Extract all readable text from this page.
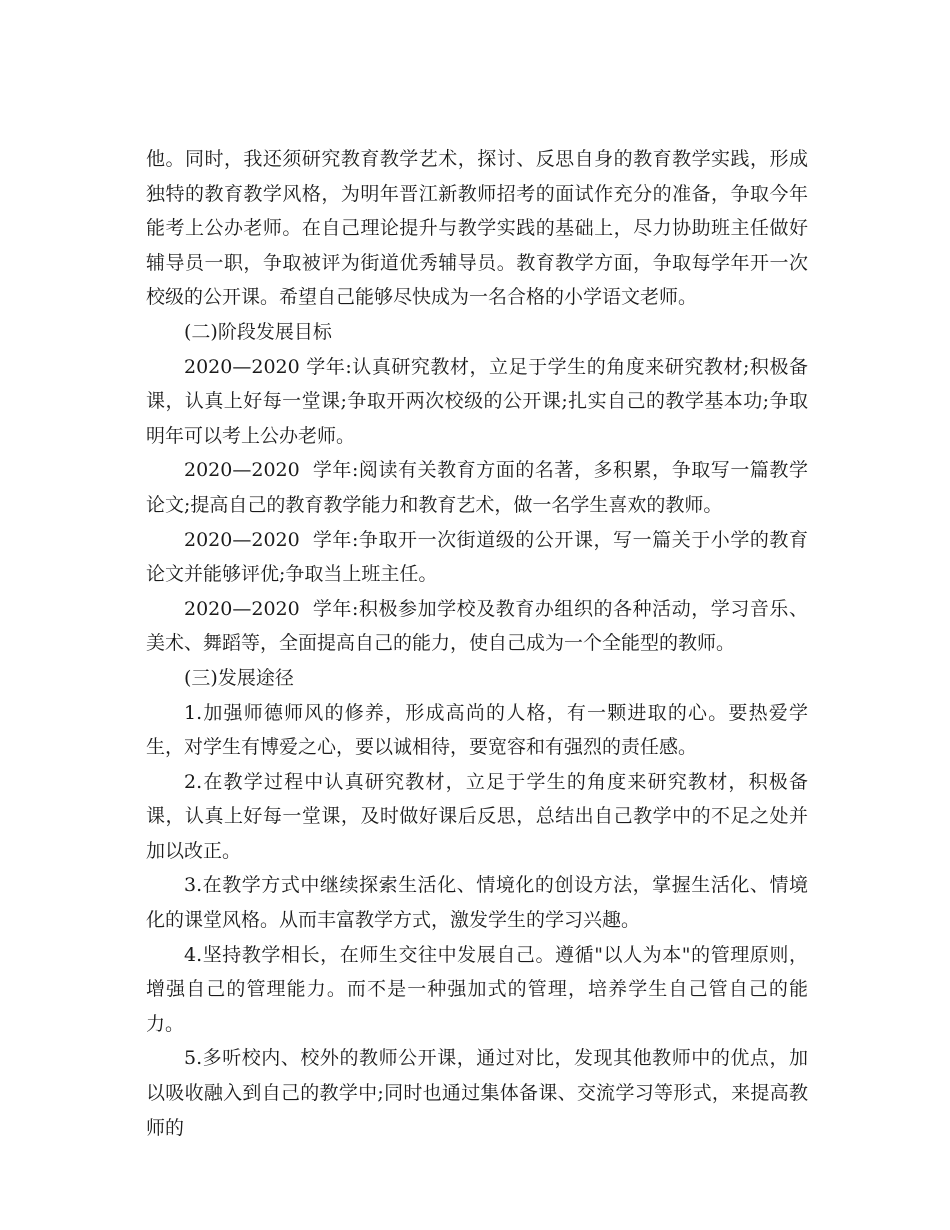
他。同时，我还须研究教育教学艺术，探讨、反思自身的教育教学实践，形成独特的教育教学风格，为明年晋江新教师招考的面试作充分的准备，争取今年能考上公办老师。在自己理论提升与教学实践的基础上，尽力协助班主任做好辅导员一职，争取被评为街道优秀辅导员。教育教学方面，争取每学年开一次校级的公开课。希望自己能够尽快成为一名合格的小学语文老师。

(二)阶段发展目标

2020—2020 学年:认真研究教材，立足于学生的角度来研究教材;积极备课，认真上好每一堂课;争取开两次校级的公开课;扎实自己的教学基本功;争取明年可以考上公办老师。

2020—2020  学年:阅读有关教育方面的名著，多积累，争取写一篇教学论文;提高自己的教育教学能力和教育艺术，做一名学生喜欢的教师。

2020—2020  学年:争取开一次街道级的公开课，写一篇关于小学的教育论文并能够评优;争取当上班主任。

2020—2020  学年:积极参加学校及教育办组织的各种活动，学习音乐、美术、舞蹈等，全面提高自己的能力，使自己成为一个全能型的教师。

(三)发展途径

1.加强师德师风的修养，形成高尚的人格，有一颗进取的心。要热爱学生，对学生有博爱之心，要以诚相待，要宽容和有强烈的责任感。

2.在教学过程中认真研究教材，立足于学生的角度来研究教材，积极备课，认真上好每一堂课，及时做好课后反思，总结出自己教学中的不足之处并加以改正。

3.在教学方式中继续探索生活化、情境化的创设方法，掌握生活化、情境化的课堂风格。从而丰富教学方式，激发学生的学习兴趣。

4.坚持教学相长，在师生交往中发展自己。遵循"以人为本"的管理原则，增强自己的管理能力。而不是一种强加式的管理，培养学生自己管自己的能力。

5.多听校内、校外的教师公开课，通过对比，发现其他教师中的优点，加以吸收融入到自己的教学中;同时也通过集体备课、交流学习等形式，来提高教师的
